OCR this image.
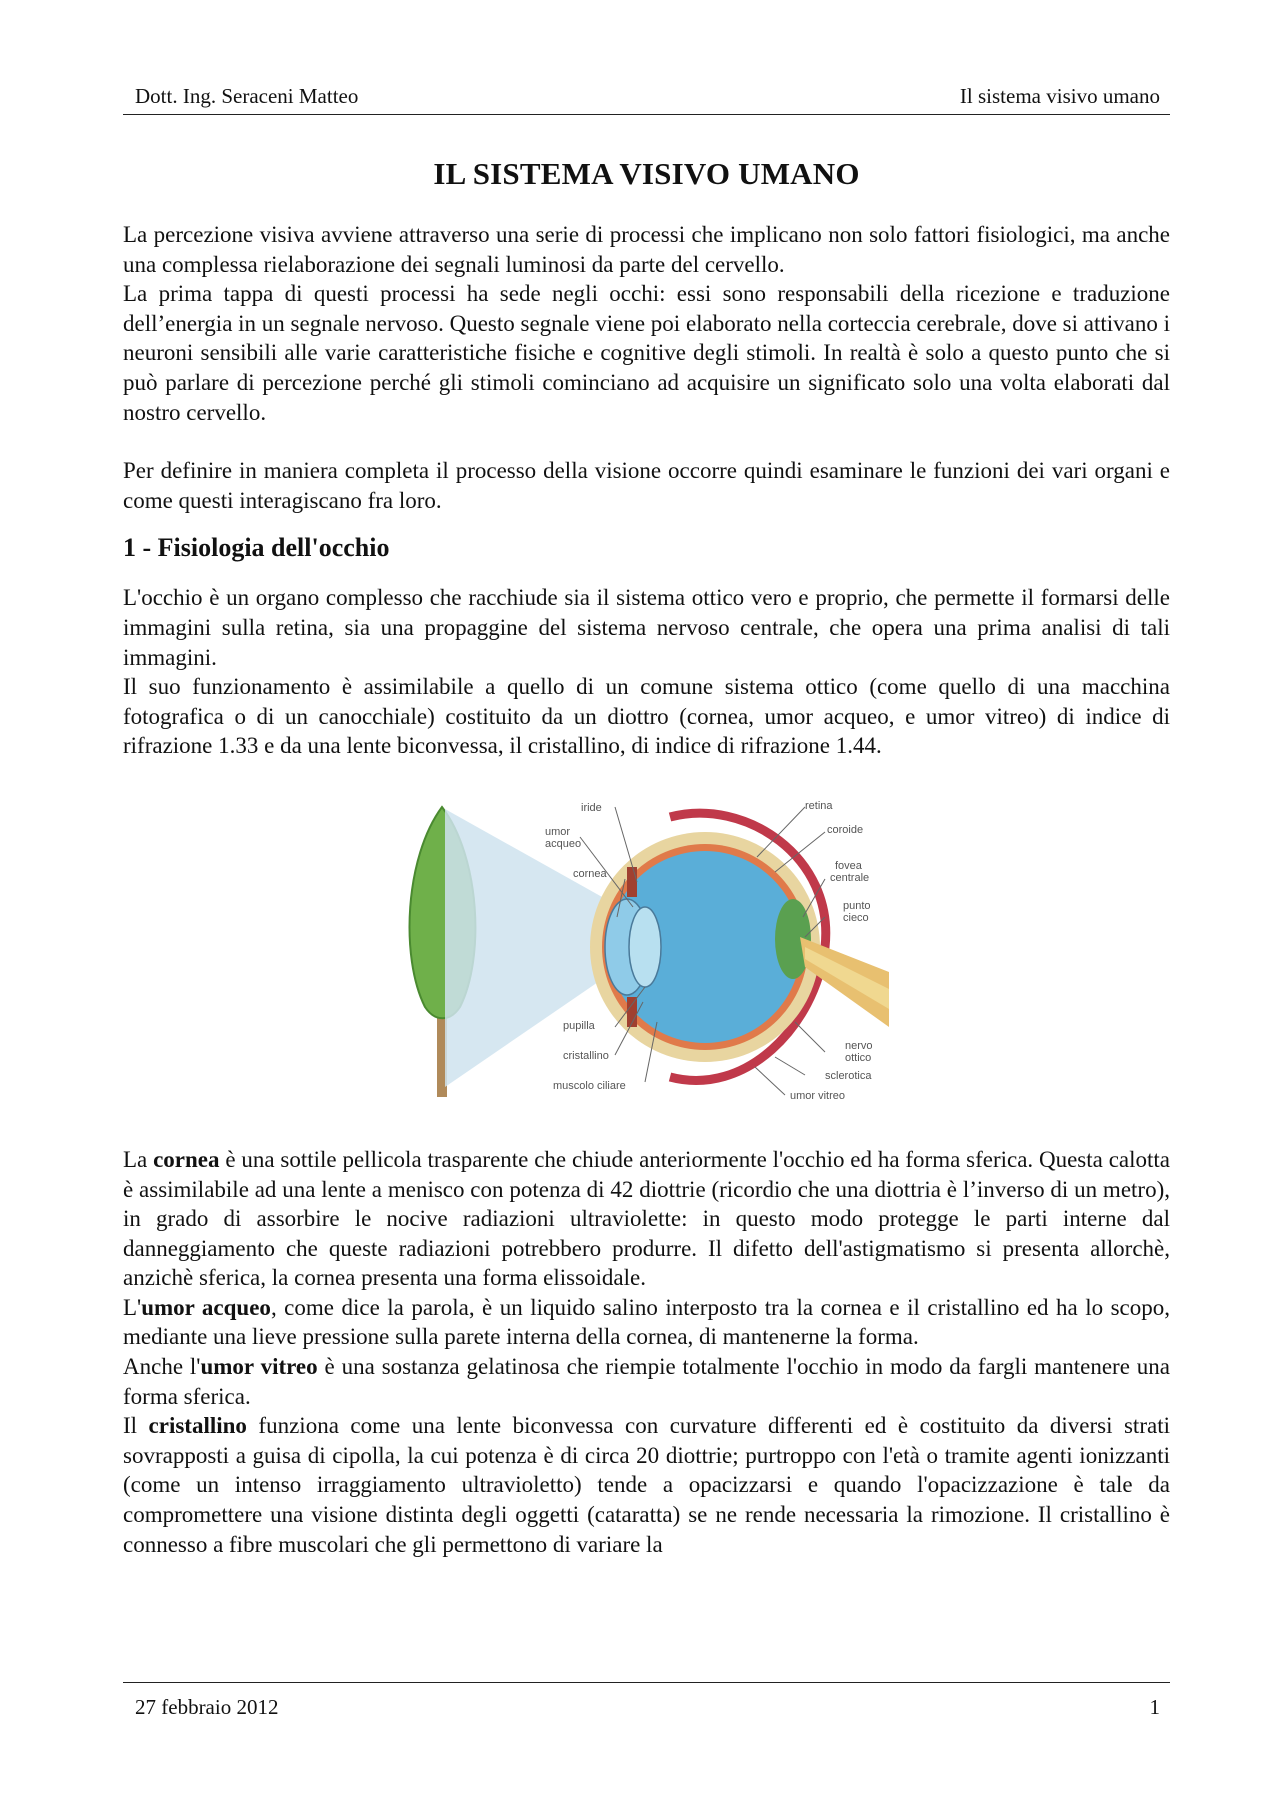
Dott. Ing. Seraceni Matteo	Il sistema visivo umano
IL SISTEMA VISIVO UMANO

La percezione visiva avviene attraverso una serie di processi che implicano non solo fattori fisiologici, ma anche una complessa rielaborazione dei segnali luminosi da parte del cervello.

La prima tappa di questi processi ha sede negli occhi: essi sono responsabili della ricezione e traduzione dell’energia in un segnale nervoso. Questo segnale viene poi elaborato nella corteccia cerebrale, dove si attivano i neuroni sensibili alle varie caratteristiche fisiche e cognitive degli stimoli. In realtà è solo a questo punto che si può parlare di percezione perché gli stimoli cominciano ad acquisire un significato solo una volta elaborati dal nostro cervello.

Per definire in maniera completa il processo della visione occorre quindi esaminare le funzioni dei vari organi e come questi interagiscano fra loro.

1 - Fisiologia dell'occhio

L'occhio è un organo complesso che racchiude sia il sistema ottico vero e proprio, che permette il formarsi delle immagini sulla retina, sia una propaggine del sistema nervoso centrale, che opera una prima analisi di tali immagini.

Il suo funzionamento è assimilabile a quello di un comune sistema ottico (come quello di una macchina fotografica o di un canocchiale) costituito da un diottro (cornea, umor acqueo, e umor vitreo) di indice di rifrazione 1.33 e da una lente biconvessa, il cristallino, di indice di rifrazione 1.44.

iride
umor
acqueo
cornea
pupilla
cristallino
muscolo ciliare
retina
coroide
fovea
centrale
punto
cieco
nervo
ottico
sclerotica
umor vitreo

La cornea è una sottile pellicola trasparente che chiude anteriormente l'occhio ed ha forma sferica. Questa calotta è assimilabile ad una lente a menisco con potenza di 42 diottrie (ricordio che una diottria è l’inverso di un metro), in grado di assorbire le nocive radiazioni ultraviolette: in questo modo protegge le parti interne dal danneggiamento che queste radiazioni potrebbero produrre. Il difetto dell'astigmatismo si presenta allorchè, anzichè sferica, la cornea presenta una forma elissoidale.

L'umor acqueo, come dice la parola, è un liquido salino interposto tra la cornea e il cristallino ed ha lo scopo, mediante una lieve pressione sulla parete interna della cornea, di mantenerne la forma.

Anche l'umor vitreo è una sostanza gelatinosa che riempie totalmente l'occhio in modo da fargli mantenere una forma sferica.

Il cristallino funziona come una lente biconvessa con curvature differenti ed è costituito da diversi strati sovrapposti a guisa di cipolla, la cui potenza è di circa 20 diottrie; purtroppo con l'età o tramite agenti ionizzanti (come un intenso irraggiamento ultravioletto) tende a opacizzarsi e quando l'opacizzazione è tale da compromettere una visione distinta degli oggetti (cataratta) se ne rende necessaria la rimozione. Il cristallino è connesso a fibre muscolari che gli permettono di variare la

27 febbraio 2012	1
